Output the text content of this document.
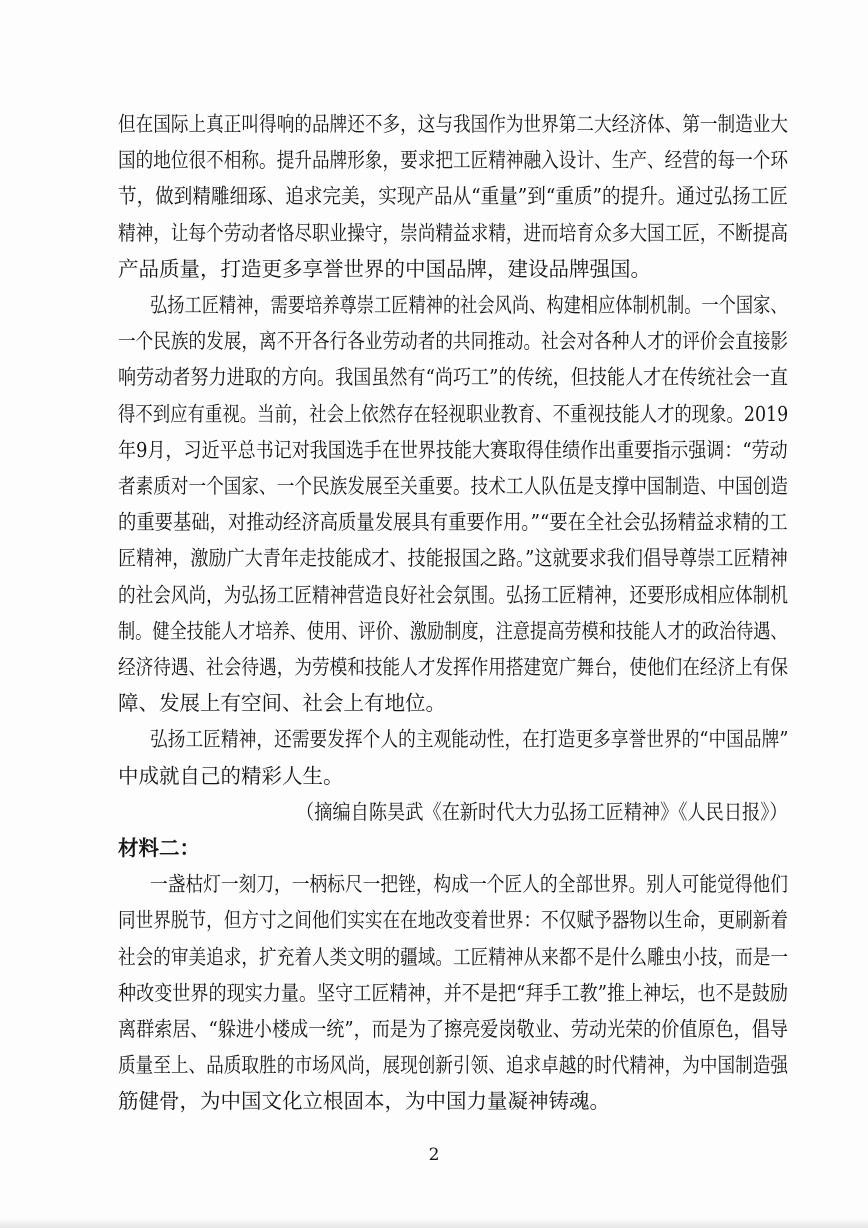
但在国际上真正叫得响的品牌还不多，这与我国作为世界第二大经济体、第一制造业大
国的地位很不相称。提升品牌形象，要求把工匠精神融入设计、生产、经营的每一个环
节，做到精雕细琢、追求完美，实现产品从“重量”到“重质”的提升。通过弘扬工匠
精神，让每个劳动者恪尽职业操守，崇尚精益求精，进而培育众多大国工匠，不断提高
产品质量，打造更多享誉世界的中国品牌，建设品牌强国。
弘扬工匠精神，需要培养尊崇工匠精神的社会风尚、构建相应体制机制。一个国家、
一个民族的发展，离不开各行各业劳动者的共同推动。社会对各种人才的评价会直接影
响劳动者努力进取的方向。我国虽然有“尚巧工”的传统，但技能人才在传统社会一直
得不到应有重视。当前，社会上依然存在轻视职业教育、不重视技能人才的现象。2019
年9月，习近平总书记对我国选手在世界技能大赛取得佳绩作出重要指示强调：“劳动
者素质对一个国家、一个民族发展至关重要。技术工人队伍是支撑中国制造、中国创造
的重要基础，对推动经济高质量发展具有重要作用。”“要在全社会弘扬精益求精的工
匠精神，激励广大青年走技能成才、技能报国之路。”这就要求我们倡导尊崇工匠精神
的社会风尚，为弘扬工匠精神营造良好社会氛围。弘扬工匠精神，还要形成相应体制机
制。健全技能人才培养、使用、评价、激励制度，注意提高劳模和技能人才的政治待遇、
经济待遇、社会待遇，为劳模和技能人才发挥作用搭建宽广舞台，使他们在经济上有保
障、发展上有空间、社会上有地位。
弘扬工匠精神，还需要发挥个人的主观能动性，在打造更多享誉世界的“中国品牌”
中成就自己的精彩人生。
（摘编自陈昊武《在新时代大力弘扬工匠精神》《人民日报》）
材料二：
一盏枯灯一刻刀，一柄标尺一把锉，构成一个匠人的全部世界。别人可能觉得他们
同世界脱节，但方寸之间他们实实在在地改变着世界：不仅赋予器物以生命，更刷新着
社会的审美追求，扩充着人类文明的疆域。工匠精神从来都不是什么雕虫小技，而是一
种改变世界的现实力量。坚守工匠精神，并不是把“拜手工教”推上神坛，也不是鼓励
离群索居、“躲进小楼成一统”，而是为了擦亮爱岗敬业、劳动光荣的价值原色，倡导
质量至上、品质取胜的市场风尚，展现创新引领、追求卓越的时代精神，为中国制造强
筋健骨，为中国文化立根固本，为中国力量凝神铸魂。
2
